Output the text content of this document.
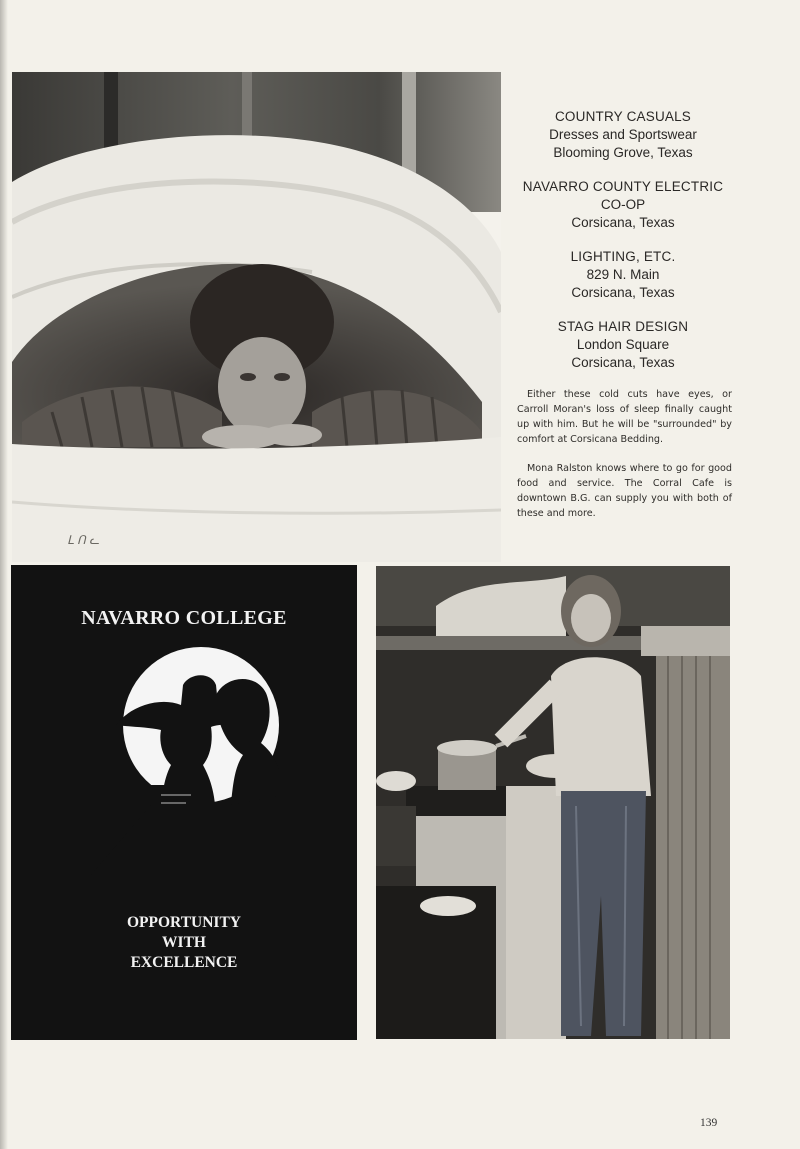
ᒪ ᑎ ᓚ
COUNTRY CASUALS
Dresses and Sportswear
Blooming Grove, Texas
NAVARRO COUNTY ELECTRIC
CO-OP
Corsicana, Texas
LIGHTING, ETC.
829 N. Main
Corsicana, Texas
STAG HAIR DESIGN
London Square
Corsicana, Texas

Either these cold cuts have eyes, or Carroll Moran's loss of sleep finally caught up with him. But he will be "surrounded" by comfort at Corsicana Bedding.

Mona Ralston knows where to go for good food and service. The Corral Cafe is downtown B.G. can supply you with both of these and more.

NAVARRO COLLEGE
OPPORTUNITY
WITH
EXCELLENCE
139
